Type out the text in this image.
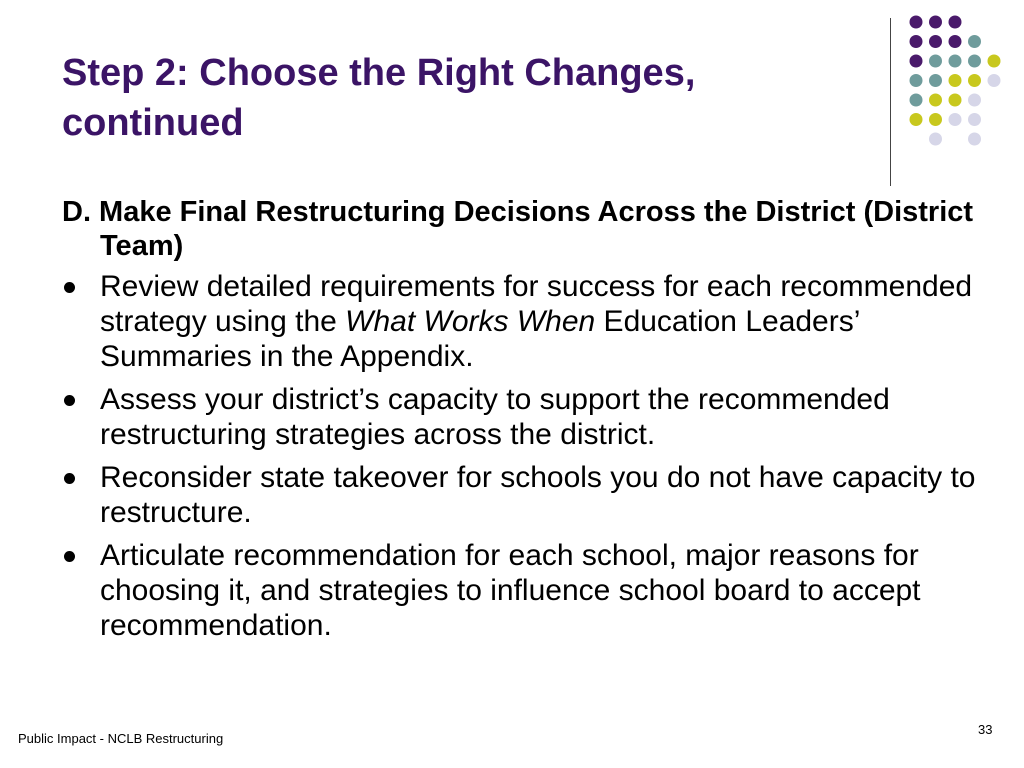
Step 2: Choose the Right Changes, continued

D. Make Final Restructuring Decisions Across the District (District Team)

Review detailed requirements for success for each recommended strategy using the What Works When Education Leaders’ Summaries in the Appendix.
Assess your district’s capacity to support the recommended restructuring strategies across the district.
Reconsider state takeover for schools you do not have capacity to restructure.
Articulate recommendation for each school, major reasons for choosing it, and strategies to influence school board to accept recommendation.
Public Impact - NCLB Restructuring
33
